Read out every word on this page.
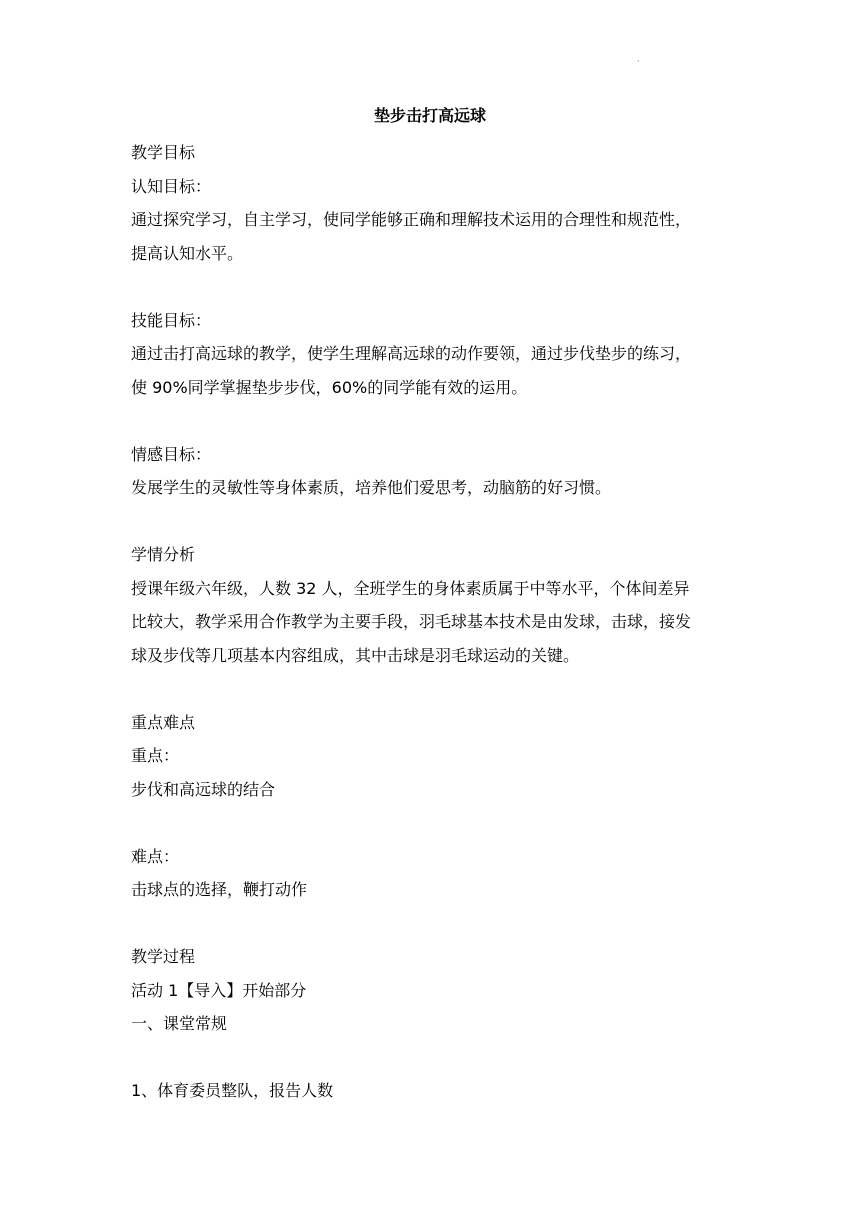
·
垫步击打高远球
教学目标
认知目标：
通过探究学习，自主学习，使同学能够正确和理解技术运用的合理性和规范性，
提高认知水平。
技能目标：
通过击打高远球的教学，使学生理解高远球的动作要领，通过步伐垫步的练习，
使 90%同学掌握垫步步伐，60%的同学能有效的运用。
情感目标：
发展学生的灵敏性等身体素质，培养他们爱思考，动脑筋的好习惯。
学情分析
授课年级六年级，人数 32 人，全班学生的身体素质属于中等水平，个体间差异
比较大，教学采用合作教学为主要手段，羽毛球基本技术是由发球，击球，接发
球及步伐等几项基本内容组成，其中击球是羽毛球运动的关键。
重点难点
重点：
步伐和高远球的结合
难点：
击球点的选择，鞭打动作
教学过程
活动 1【导入】开始部分
一、课堂常规
1、体育委员整队，报告人数
